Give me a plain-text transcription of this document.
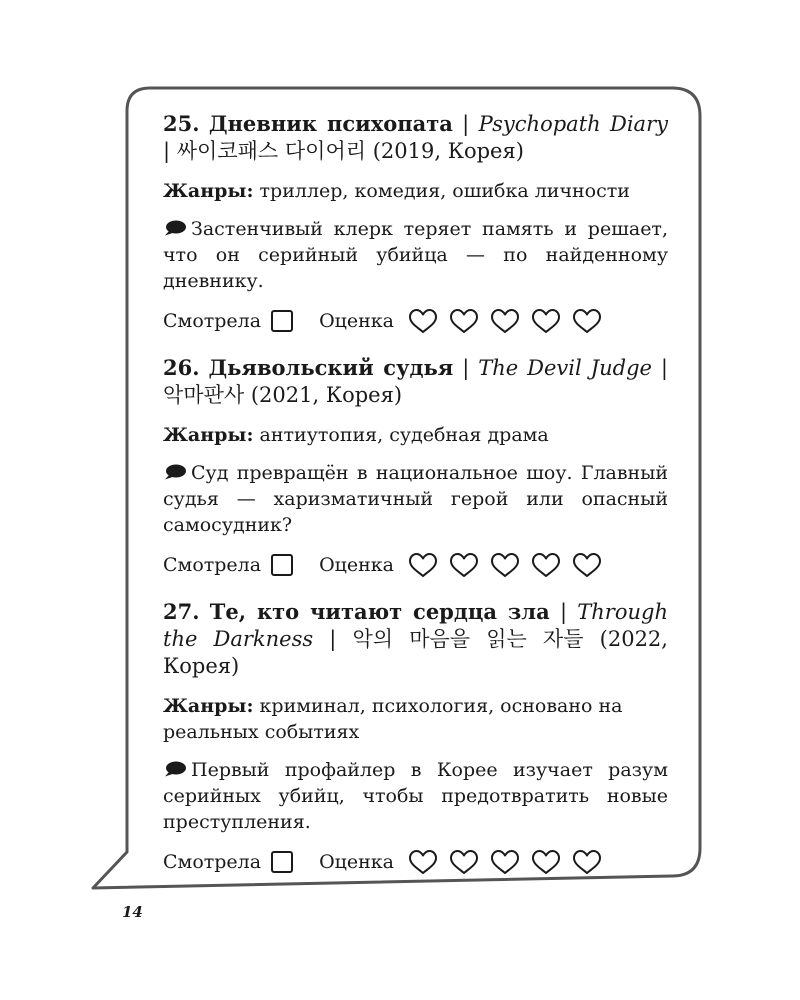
25. Дневник психопата | Psychopath Diary | 싸이코패스 다이어리 (2019, Корея)

Жанры: триллер, комедия, ошибка личности

Застенчивый клерк теряет память и решает, что он серийный убийца — по найденному дневнику.

Смотрела	Оценка

26. Дьявольский судья | The Devil Judge | 악마판사 (2021, Корея)

Жанры: антиутопия, судебная драма

Суд превращён в национальное шоу. Главный судья — харизматичный герой или опасный самосудник?

Смотрела	Оценка

27. Те, кто читают сердца зла | Through the Darkness | 악의 마음을 읽는 자들 (2022, Корея)

Жанры: криминал, психология, основано на реальных событиях

Первый профайлер в Корее изучает разум серийных убийц, чтобы предотвратить новые преступления.

Смотрела	Оценка
14
